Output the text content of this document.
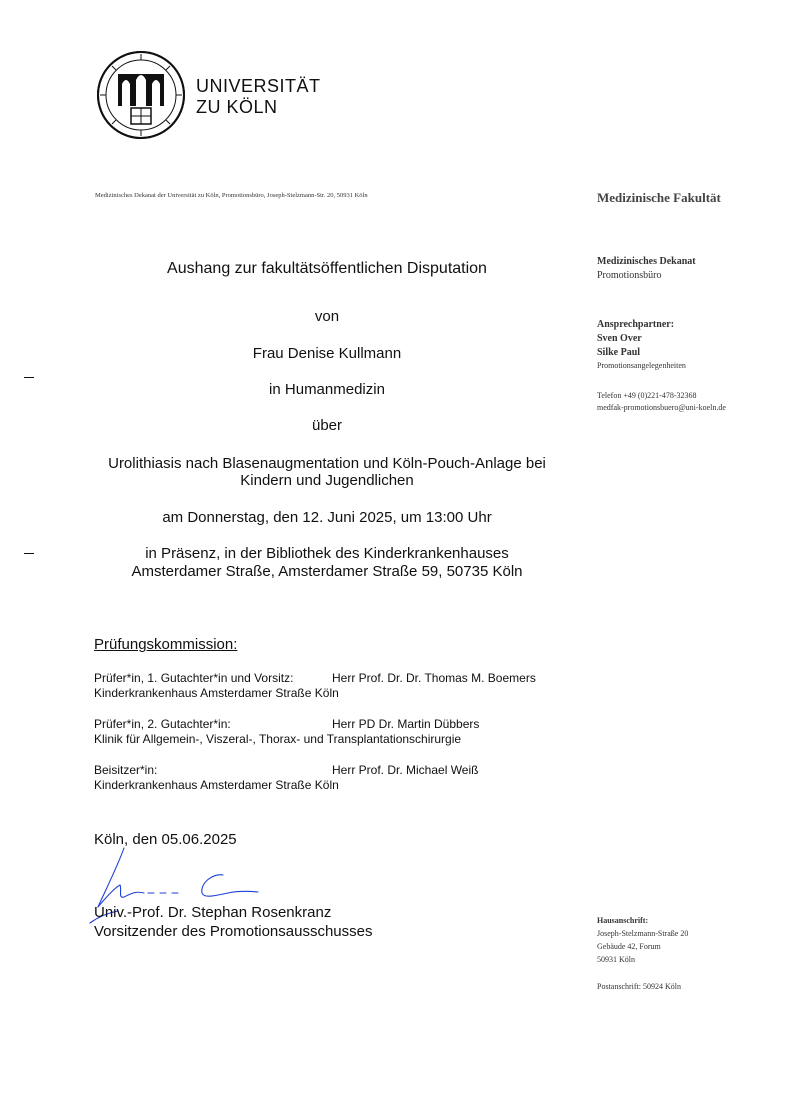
UNIVERSITÄT
ZU KÖLN
Medizinisches Dekanat der Universität zu Köln, Promotionsbüro, Joseph-Stelzmann-Str. 20, 50931 Köln	Medizinische Fakultät
Medizinisches Dekanat
Promotionsbüro
Ansprechpartner:
Sven Over
Silke Paul
Promotionsangelegenheiten
Telefon +49 (0)221-478-32368
medfak-promotionsbuero@uni-koeln.de
Hausanschrift:
Joseph-Stelzmann-Straße 20
Gebäude 42, Forum
50931 Köln
Postanschrift: 50924 Köln
Aushang zur fakultätsöffentlichen Disputation
von
Frau Denise Kullmann
in Humanmedizin
über
Urolithiasis nach Blasenaugmentation und Köln-Pouch-Anlage bei
Kindern und Jugendlichen
am Donnerstag, den 12. Juni 2025, um 13:00 Uhr
in Präsenz, in der Bibliothek des Kinderkrankenhauses
Amsterdamer Straße, Amsterdamer Straße 59, 50735 Köln
Prüfungskommission:
Prüfer*in, 1. Gutachter*in und Vorsitz:	Herr Prof. Dr. Dr. Thomas M. Boemers
Kinderkrankenhaus Amsterdamer Straße Köln
Prüfer*in, 2. Gutachter*in:	Herr PD Dr. Martin Dübbers
Klinik für Allgemein-, Viszeral-, Thorax- und Transplantationschirurgie
Beisitzer*in:	Herr Prof. Dr. Michael Weiß
Kinderkrankenhaus Amsterdamer Straße Köln
Köln, den 05.06.2025
Univ.-Prof. Dr. Stephan Rosenkranz
Vorsitzender des Promotionsausschusses
